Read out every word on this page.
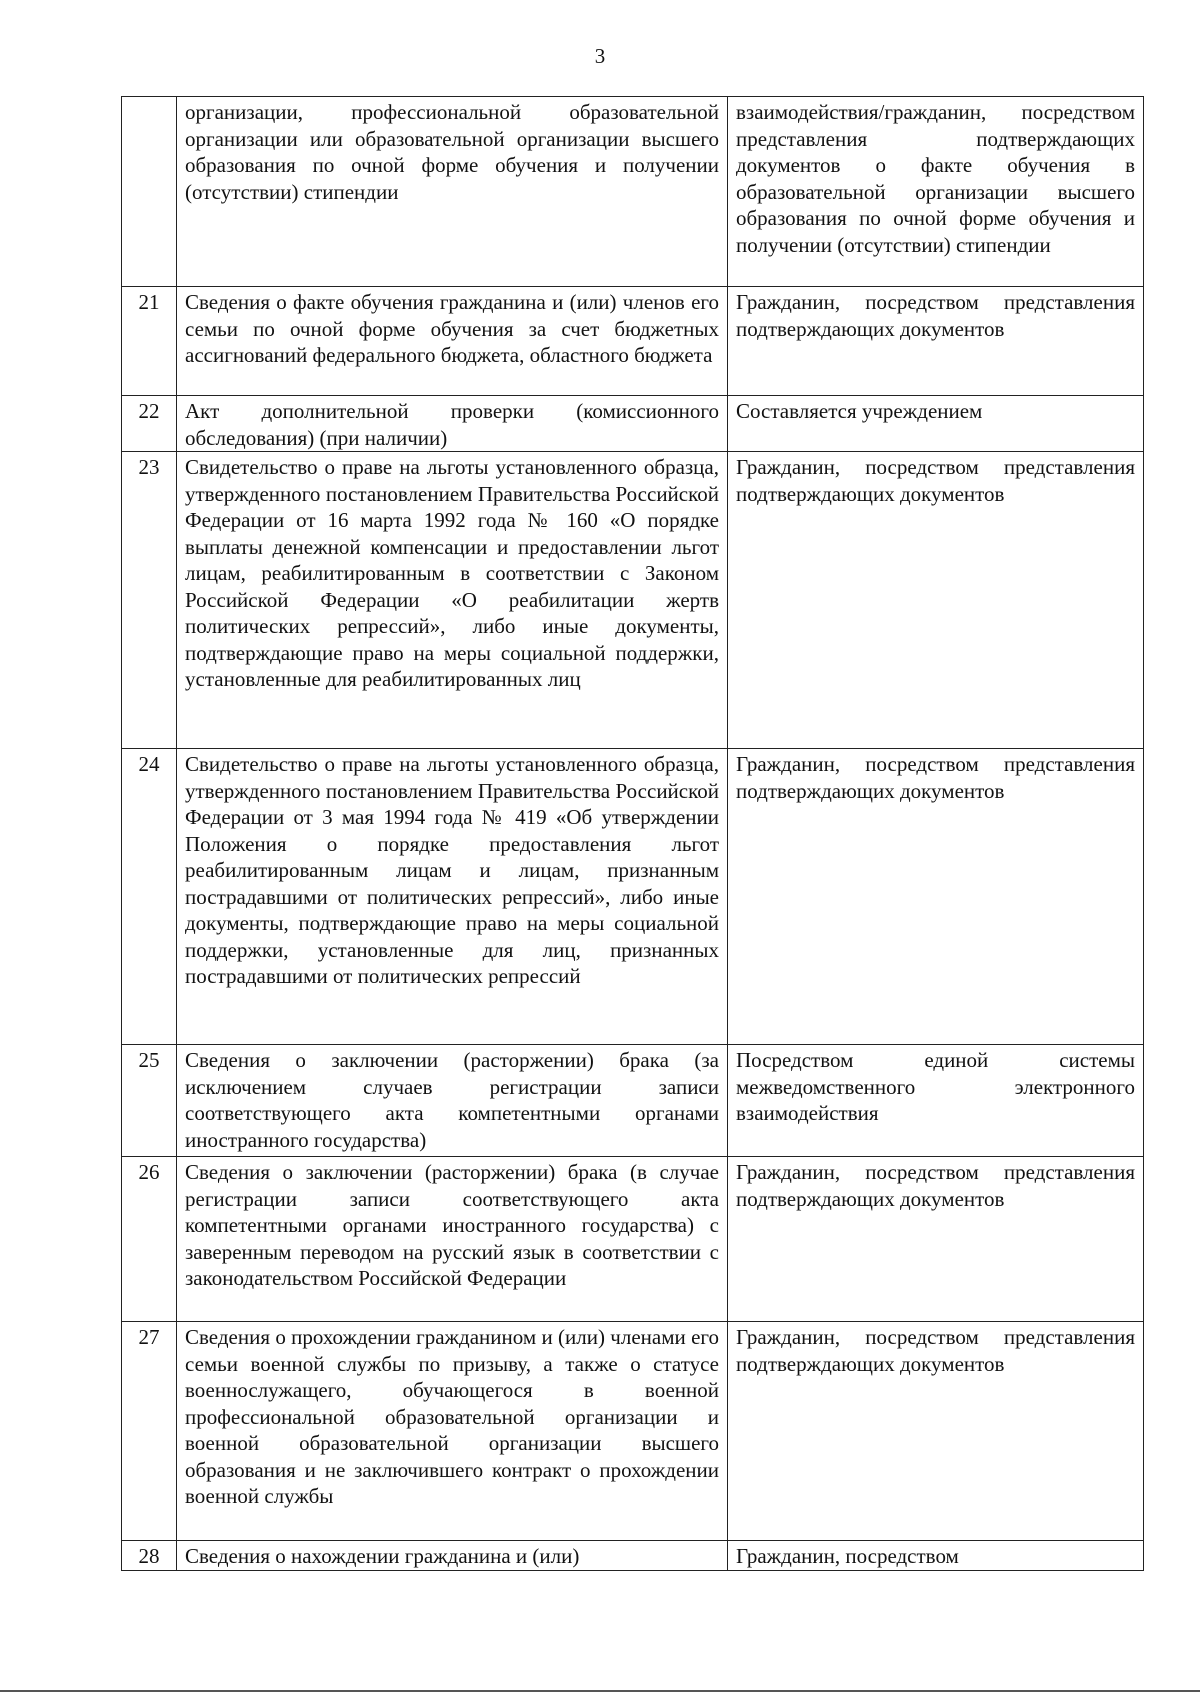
3
	организации, профессиональной образовательной организации или образовательной организации высшего образования по очной форме обучения и получении (отсутствии) стипендии	взаимодействия/гражданин, посредством представления подтверждающих документов о факте обучения в образовательной организации высшего образования по очной форме обучения и получении (отсутствии) стипендии
21	Сведения о факте обучения гражданина и (или) членов его семьи по очной форме обучения за счет бюджетных ассигнований федерального бюджета, областного бюджета	Гражданин, посредством представления подтверждающих документов
22	Акт дополнительной проверки (комиссионного обследования) (при наличии)	Составляется учреждением
23	Свидетельство о праве на льготы установленного образца, утвержденного постановлением Правительства Российской Федерации от 16 марта 1992 года № 160 «О порядке выплаты денежной компенсации и предоставлении льгот лицам, реабилитированным в соответствии с Законом Российской Федерации «О реабилитации жертв политических репрессий», либо иные документы, подтверждающие право на меры социальной поддержки, установленные для реабилитированных лиц	Гражданин, посредством представления подтверждающих документов
24	Свидетельство о праве на льготы установленного образца, утвержденного постановлением Правительства Российской Федерации от 3 мая 1994 года № 419 «Об утверждении Положения о порядке предоставления льгот реабилитированным лицам и лицам, признанным пострадавшими от политических репрессий», либо иные документы, подтверждающие право на меры социальной поддержки, установленные для лиц, признанных пострадавшими от политических репрессий	Гражданин, посредством представления подтверждающих документов
25	Сведения о заключении (расторжении) брака (за исключением случаев регистрации записи соответствующего акта компетентными органами иностранного государства)	Посредством единой системы межведомственного электронного взаимодействия
26	Сведения о заключении (расторжении) брака (в случае регистрации записи соответствующего акта компетентными органами иностранного государства) с заверенным переводом на русский язык в соответствии с законодательством Российской Федерации	Гражданин, посредством представления подтверждающих документов
27	Сведения о прохождении гражданином и (или) членами его семьи военной службы по призыву, а также о статусе военнослужащего, обучающегося в военной профессиональной образовательной организации и военной образовательной организации высшего образования и не заключившего контракт о прохождении военной службы	Гражданин, посредством представления подтверждающих документов
28	Сведения о нахождении гражданина и (или)	Гражданин, посредством
